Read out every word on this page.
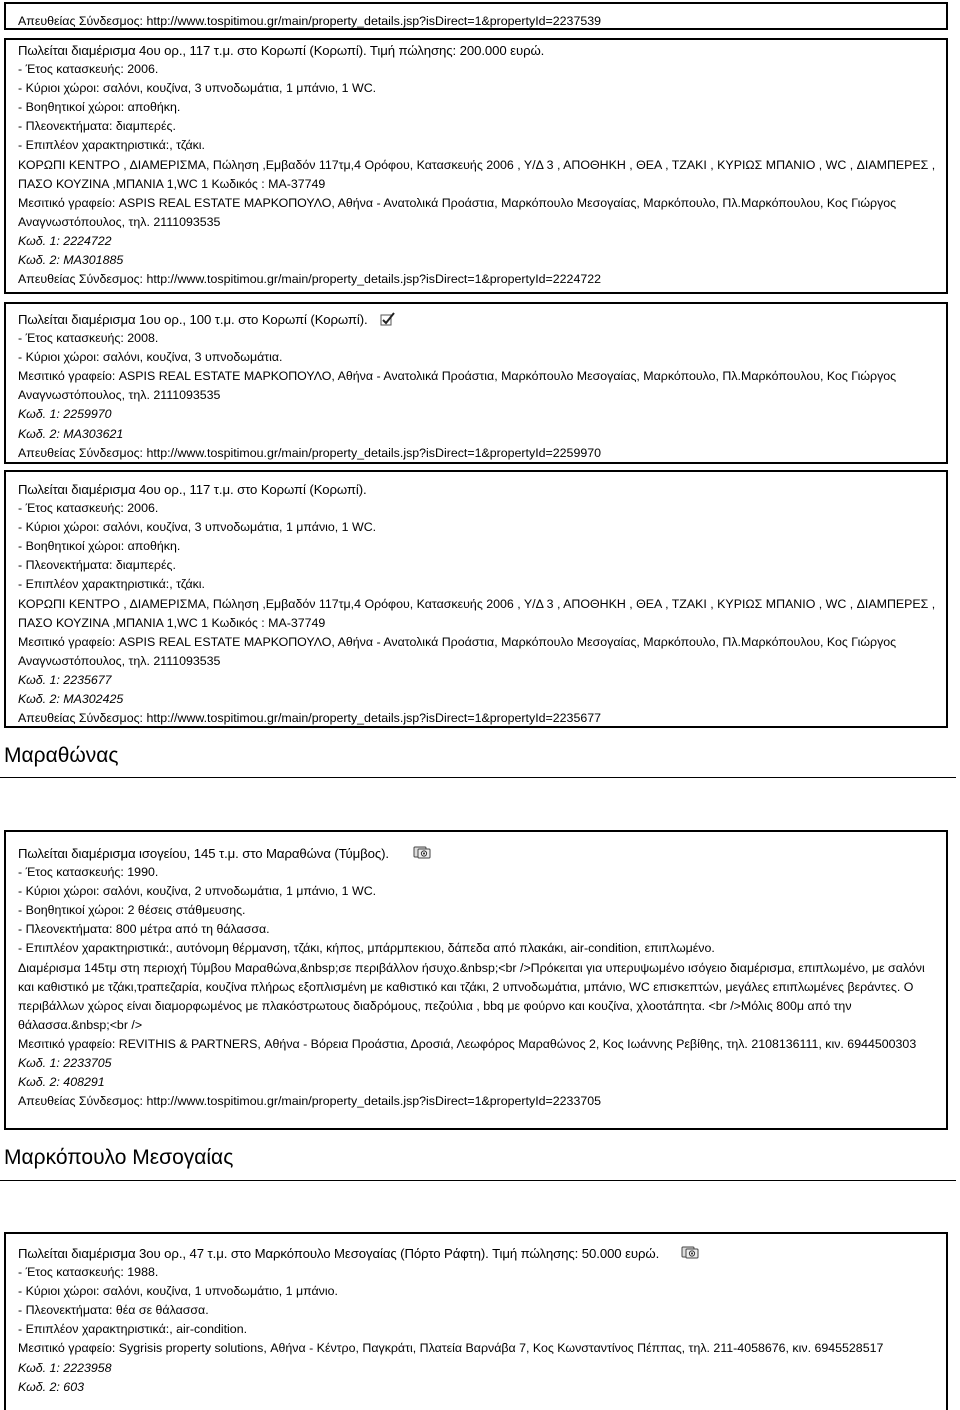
Απευθείας Σύνδεσμος: http://www.tospitimou.gr/main/property_details.jsp?isDirect=1&propertyId=2237539
Πωλείται διαμέρισμα 4ου ορ., 117 τ.μ. στο Κορωπί (Κορωπί). Τιμή πώλησης: 200.000 ευρώ.
- Έτος κατασκευής: 2006.
- Κύριοι χώροι: σαλόνι, κουζίνα, 3 υπνοδωμάτια, 1 μπάνιο, 1 WC.
- Βοηθητικοί χώροι: αποθήκη.
- Πλεονεκτήματα: διαμπερές.
- Επιπλέον χαρακτηριστικά:, τζάκι.
ΚΟΡΩΠΙ ΚΕΝΤΡΟ , ΔΙΑΜΕΡΙΣΜΑ, Πώληση ,Εμβαδόν 117τμ,4 Ορόφου, Κατασκευής 2006 , Υ/Δ 3 , ΑΠΟΘΗΚΗ , ΘΕΑ , ΤΖΑΚΙ , ΚΥΡΙΩΣ ΜΠΑΝΙΟ , WC , ΔΙΑΜΠΕΡΕΣ , ΠΑΣΟ ΚΟΥΖΙΝΑ ,ΜΠΑΝΙΑ 1,WC 1 Κωδικός : MA-37749
Μεσιτικό γραφείο: ASPIS REAL ESTATE ΜΑΡΚΟΠΟΥΛΟ, Αθήνα - Ανατολικά Προάστια, Μαρκόπουλο Μεσογαίας, Μαρκόπουλο, Πλ.Μαρκόπουλου, Κος Γιώργος Αναγνωστόπουλος, τηλ. 2111093535
Κωδ. 1: 2224722
Κωδ. 2: MA301885
Απευθείας Σύνδεσμος: http://www.tospitimou.gr/main/property_details.jsp?isDirect=1&propertyId=2224722
Πωλείται διαμέρισμα 1ου ορ., 100 τ.μ. στο Κορωπί (Κορωπί).
- Έτος κατασκευής: 2008.
- Κύριοι χώροι: σαλόνι, κουζίνα, 3 υπνοδωμάτια.
Μεσιτικό γραφείο: ASPIS REAL ESTATE ΜΑΡΚΟΠΟΥΛΟ, Αθήνα - Ανατολικά Προάστια, Μαρκόπουλο Μεσογαίας, Μαρκόπουλο, Πλ.Μαρκόπουλου, Κος Γιώργος Αναγνωστόπουλος, τηλ. 2111093535
Κωδ. 1: 2259970
Κωδ. 2: MA303621
Απευθείας Σύνδεσμος: http://www.tospitimou.gr/main/property_details.jsp?isDirect=1&propertyId=2259970
Πωλείται διαμέρισμα 4ου ορ., 117 τ.μ. στο Κορωπί (Κορωπί).
- Έτος κατασκευής: 2006.
- Κύριοι χώροι: σαλόνι, κουζίνα, 3 υπνοδωμάτια, 1 μπάνιο, 1 WC.
- Βοηθητικοί χώροι: αποθήκη.
- Πλεονεκτήματα: διαμπερές.
- Επιπλέον χαρακτηριστικά:, τζάκι.
ΚΟΡΩΠΙ ΚΕΝΤΡΟ , ΔΙΑΜΕΡΙΣΜΑ, Πώληση ,Εμβαδόν 117τμ,4 Ορόφου, Κατασκευής 2006 , Υ/Δ 3 , ΑΠΟΘΗΚΗ , ΘΕΑ , ΤΖΑΚΙ , ΚΥΡΙΩΣ ΜΠΑΝΙΟ , WC , ΔΙΑΜΠΕΡΕΣ , ΠΑΣΟ ΚΟΥΖΙΝΑ ,ΜΠΑΝΙΑ 1,WC 1 Κωδικός : MA-37749
Μεσιτικό γραφείο: ASPIS REAL ESTATE ΜΑΡΚΟΠΟΥΛΟ, Αθήνα - Ανατολικά Προάστια, Μαρκόπουλο Μεσογαίας, Μαρκόπουλο, Πλ.Μαρκόπουλου, Κος Γιώργος Αναγνωστόπουλος, τηλ. 2111093535
Κωδ. 1: 2235677
Κωδ. 2: MA302425
Απευθείας Σύνδεσμος: http://www.tospitimou.gr/main/property_details.jsp?isDirect=1&propertyId=2235677
Μαραθώνας
Πωλείται διαμέρισμα ισογείου, 145 τ.μ. στο Μαραθώνα (Τύμβος).
- Έτος κατασκευής: 1990.
- Κύριοι χώροι: σαλόνι, κουζίνα, 2 υπνοδωμάτια, 1 μπάνιο, 1 WC.
- Βοηθητικοί χώροι: 2 θέσεις στάθμευσης.
- Πλεονεκτήματα: 800 μέτρα από τη θάλασσα.
- Επιπλέον χαρακτηριστικά:, αυτόνομη θέρμανση, τζάκι, κήπος, μπάρμπεκιου, δάπεδα από πλακάκι, air-condition, επιπλωμένο.
Διαμέρισμα 145τμ στη περιοχή Τύμβου Μαραθώνα,&nbsp;σε περιβάλλον ήσυχο.&nbsp;<br />Πρόκειται για υπερυψωμένο ισόγειο διαμέρισμα, επιπλωμένο, με σαλόνι και καθιστικό με τζάκι,τραπεζαρία, κουζίνα πλήρως εξοπλισμένη με καθιστικό και τζάκι, 2 υπνοδωμάτια, μπάνιο, WC επισκεπτών, μεγάλες επιπλωμένες βεράντες. Ο περιβάλλων χώρος είναι διαμορφωμένος με πλακόστρωτους διαδρόμους, πεζούλια , bbq με φούρνο και κουζίνα, χλοοτάπητα. <br />Μόλις 800μ από την θάλασσα.&nbsp;<br />
Μεσιτικό γραφείο: REVITHIS & PARTNERS, Αθήνα - Βόρεια Προάστια, Δροσιά, Λεωφόρος Μαραθώνος 2, Κος Ιωάννης Ρεβίθης, τηλ. 2108136111, κιν. 6944500303
Κωδ. 1: 2233705
Κωδ. 2: 408291
Απευθείας Σύνδεσμος: http://www.tospitimou.gr/main/property_details.jsp?isDirect=1&propertyId=2233705
Μαρκόπουλο Μεσογαίας
Πωλείται διαμέρισμα 3ου ορ., 47 τ.μ. στο Μαρκόπουλο Μεσογαίας (Πόρτο Ράφτη). Τιμή πώλησης: 50.000 ευρώ.
- Έτος κατασκευής: 1988.
- Κύριοι χώροι: σαλόνι, κουζίνα, 1 υπνοδωμάτιο, 1 μπάνιο.
- Πλεονεκτήματα: θέα σε θάλασσα.
- Επιπλέον χαρακτηριστικά:, air-condition.
Μεσιτικό γραφείο: Sygrisis property solutions, Αθήνα - Κέντρο, Παγκράτι, Πλατεία Βαρνάβα 7, Κος Κωνσταντίνος Πέππας, τηλ. 211-4058676, κιν. 6945528517
Κωδ. 1: 2223958
Κωδ. 2: 603
